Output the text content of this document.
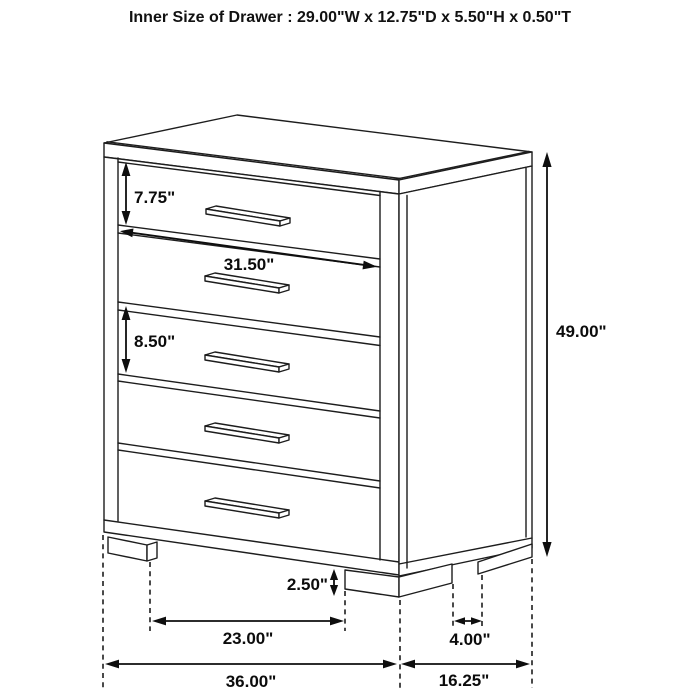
Inner Size of Drawer : 29.00"W x 12.75"D x 5.50"H x 0.50"T
7.75"
31.50"
8.50"
49.00"
2.50"
23.00"	4.00"
36.00"	16.25"
